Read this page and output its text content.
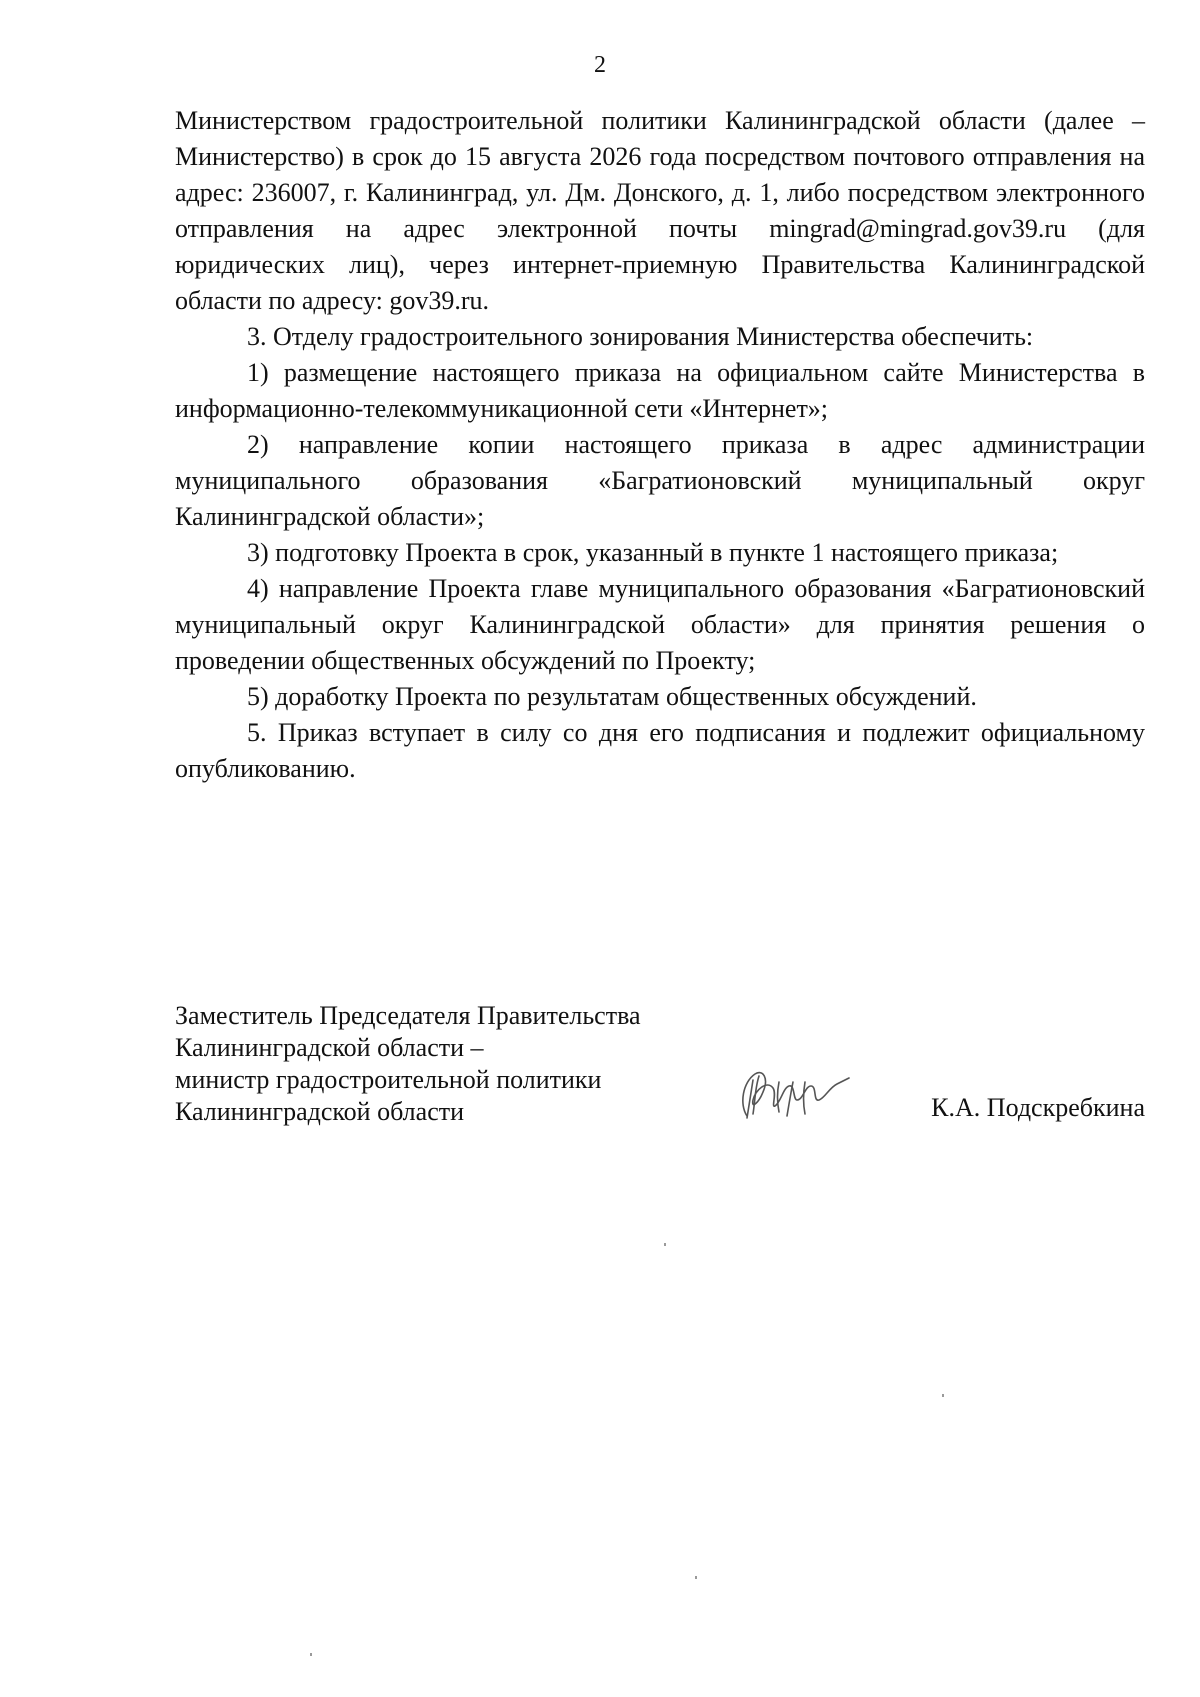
2

Министерством градостроительной политики Калининградской области (далее – Министерство) в срок до 15 августа 2026 года посредством почтового отправления на адрес: 236007, г. Калининград, ул. Дм. Донского, д. 1, либо посредством электронного отправления на адрес электронной почты mingrad@mingrad.gov39.ru (для юридических лиц), через интернет-приемную Правительства Калининградской области по адресу: gov39.ru.

3. Отделу градостроительного зонирования Министерства обеспечить:

1) размещение настоящего приказа на официальном сайте Министерства в информационно-телекоммуникационной сети «Интернет»;

2) направление копии настоящего приказа в адрес администрации муниципального образования «Багратионовский муниципальный округ Калининградской области»;

3) подготовку Проекта в срок, указанный в пункте 1 настоящего приказа;

4) направление Проекта главе муниципального образования «Багратионовский муниципальный округ Калининградской области» для принятия решения о проведении общественных обсуждений по Проекту;

5) доработку Проекта по результатам общественных обсуждений.

5. Приказ вступает в силу со дня его подписания и подлежит официальному опубликованию.

Заместитель Председателя Правительства
Калининградской области –
министр градостроительной политики
Калининградской области	К.А. Подскребкина
